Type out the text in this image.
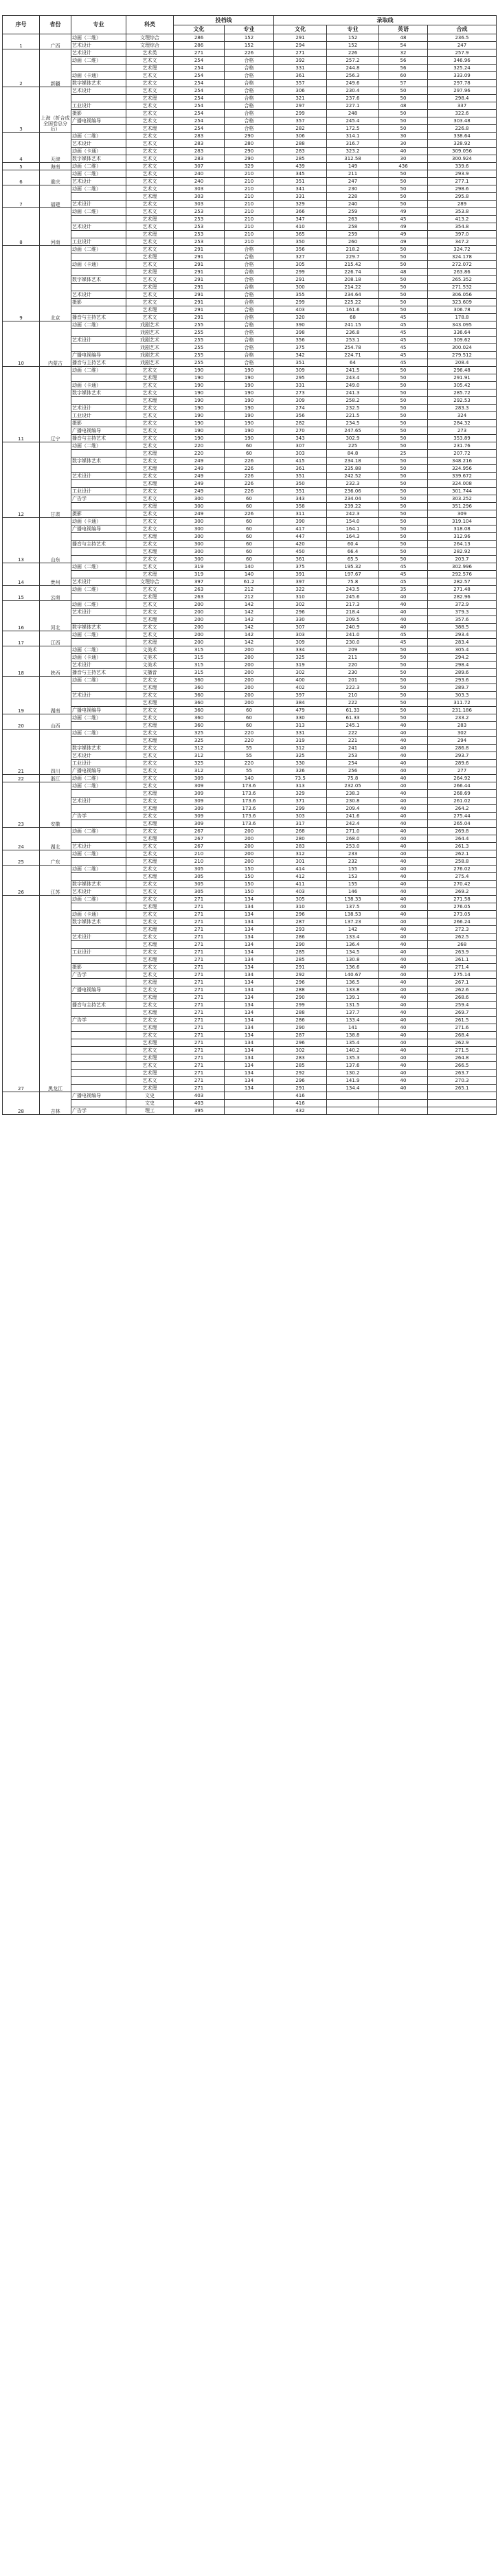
序号	省份	专业	科类	投档线		录取线			
				文化	专业	文化	专业	英语	合成
1	广西	动画（二维）	文理综合	286	152	291	152	48	236.5
		艺术设计	文理综合	286	152	294	152	54	247
2	新疆	艺术设计	艺术类	271	226	271	226	32	257.9
		动画（二维）	艺术文	254	合格	392	257.2	56	346.96
			艺术理	254	合格	331	244.8	56	325.24
		动画（卡通）	艺术文	254	合格	361	256.3	60	333.09
		数字媒体艺术	艺术文	254	合格	357	249.6	57	297.78
3	上海（折合成全国卷总分后）	艺术设计	艺术文	254	合格	306	230.4	50	297.96
			艺术理	254	合格	321	237.6	50	298.4
		工业设计	艺术文	254	合格	297	227.1	48	337
		摄影	艺术文	254	合格	299	248	50	322.6
		广播电视编导	艺术文	254	合格	357	245.4	50	303.48
			艺术理	254	合格	282	172.5	50	226.8
4	天津	动画（二维）	艺术文	283	290	306	314.1	30	338.64
		艺术设计	艺术文	283	280	288	316.7	30	328.92
		动画（卡通）	艺术文	283	290	283	323.2	40	309.056
		数字媒体艺术	艺术文	283	290	285	312.58	30	300.924
5	海南	动画（二维）	艺术文	307	329	439	149	436	339.6
6	重庆	动画（二维）	艺术文	240	210	345	211	50	293.9
		艺术设计	艺术文	240	210	351	247	50	277.1
7	福建	动画（二维）	艺术文	303	210	341	230	50	298.6
			艺术理	303	210	331	228	50	295.8
		艺术设计	艺术文	303	210	329	240	50	289
8	河南	动画（二维）	艺术文	253	210	366	259	49	353.8
			艺术理	253	210	347	263	45	413.2
		艺术设计	艺术文	253	210	410	258	49	354.8
			艺术理	253	210	365	259	49	397.0
		工业设计	艺术文	253	210	350	260	49	347.2
9	北京	动画（二维）	艺术文	291	合格	356	218.2	50	324.72
			艺术理	291	合格	327	229.7	50	324.178
		动画（卡通）	艺术文	291	合格	305	215.42	50	272.072
			艺术理	291	合格	299	226.74	48	263.86
		数字媒体艺术	艺术文	291	合格	291	208.18	50	265.352
			艺术理	291	合格	300	214.22	50	271.532
		艺术设计	艺术文	291	合格	355	234.64	50	306.056
		摄影	艺术文	291	合格	299	225.22	50	323.609
			艺术理	291	合格	403	161.6	50	306.78
		播音与主持艺术	艺术文	291	合格	320	68	45	178.8
10	内蒙古	动画（二维）	戏剧艺术	255	合格	390	241.15	45	343.095
			戏剧艺术	255	合格	398	236.8	45	336.64
		艺术设计	戏剧艺术	255	合格	356	253.1	45	309.62
			戏剧艺术	255	合格	375	254.78	45	300.024
		广播电视编导	戏剧艺术	255	合格	342	224.71	45	279.512
		播音与主持艺术	戏剧艺术	255	合格	351	64	45	208.4
11	辽宁	动画（二维）	艺术文	190	190	309	241.5	50	296.48
			艺术理	190	190	295	243.4	50	291.91
		动画（卡通）	艺术文	190	190	331	249.0	50	305.42
		数字媒体艺术	艺术文	190	190	273	241.3	50	285.72
			艺术理	190	190	309	258.2	50	292.53
		艺术设计	艺术文	190	190	274	232.5	50	283.3
		工业设计	艺术文	190	190	356	221.5	50	324
		摄影	艺术文	190	190	282	234.5	50	284.32
		广播电视编导	艺术文	190	190	270	247.65	50	273
		播音与主持艺术	艺术文	190	190	343	302.9	50	353.89
12	甘肃	动画（二维）	艺术文	220	60	307	225	50	231.76
			艺术理	220	60	303	84.8	25	207.72
		数字媒体艺术	艺术文	249	226	415	234.18	50	348.216
			艺术理	249	226	361	235.88	50	324.956
		艺术设计	艺术文	249	226	351	242.52	50	339.672
			艺术理	249	226	350	232.3	50	324.008
		工业设计	艺术文	249	226	351	236.06	50	301.744
		广告学	艺术文	300	60	343	234.04	50	303.252
			艺术理	300	60	358	239.22	50	351.296
		摄影	艺术文	249	226	311	242.3	50	309
13	山东	动画（卡通）	艺术文	300	60	390	154.0	50	319.104
		广播电视编导	艺术文	300	60	417	164.1	50	318.08
			艺术理	300	60	447	164.3	50	312.96
		播音与主持艺术	艺术文	300	60	420	60.4	50	264.13
			艺术理	300	60	450	66.4	50	282.92
			艺术文	300	60	361	65.5	50	203.7
14	贵州	动画（二维）	艺术文	319	140	375	195.32	45	302.996
			艺术理	319	140	391	197.67	45	292.576
		艺术设计	文理综合	397	61.2	397	75.8	45	282.57
15	云南	动画（二维）	艺术文	263	212	322	243.5	35	271.48
			艺术理	263	212	310	245.6	40	282.96
16	河北	动画（二维）	艺术文	200	142	302	217.3	40	372.9
		艺术设计	艺术文	200	142	296	218.4	40	379.3
			艺术理	200	142	330	209.5	40	357.6
		数字媒体艺术	艺术文	200	142	307	240.9	40	388.5
17	江西	动画（二维）	艺术文	200	142	303	241.0	45	293.4
			艺术理	200	142	309	230.0	45	283.4
18	陕西	动画（二维）	文美术	315	200	334	209	50	305.4
		动画（卡通）	文美术	315	200	325	211	50	294.2
		艺术设计	文美术	315	200	319	220	50	298.4
		播音与主持艺术	文播音	315	200	302	230	50	289.6
19	湖南	动画（二维）	艺术文	360	200	400	201	50	293.6
			艺术理	360	200	402	222.3	50	289.7
		艺术设计	艺术文	360	200	397	210	50	303.3
			艺术理	360	200	384	222	50	311.72
		广播电视编导	艺术文	360	60	479	61.33	50	231.186
20	山西	动画（二维）	艺术文	360	60	330	61.33	50	233.2
			艺术理	360	60	313	245.1	40	283
21	四川	动画（二维）	艺术文	325	220	331	222	40	302
			艺术理	325	220	319	221	40	294
		数字媒体艺术	艺术文	312	55	312	241	40	286.8
		艺术设计	艺术文	312	55	325	253	40	293.7
		工业设计	艺术文	325	220	330	254	40	289.6
		广播电视编导	艺术文	312	55	326	256	40	277
22	浙江	动画（二维）	艺术文	309	140	73.5	75.8	40	264.92
23	安徽	动画（二维）	艺术文	309	173.6	313	232.05	40	266.44
			艺术理	309	173.6	329	238.3	40	268.69
		艺术设计	艺术文	309	173.6	371	230.8	40	261.02
			艺术理	309	173.6	299	209.4	40	264.2
		广告学	艺术文	309	173.6	303	241.6	40	275.44
			艺术理	309	173.6	317	242.4	40	265.04
24	湖北	动画（二维）	艺术文	267	200	268	271.0	40	269.8
			艺术理	267	200	280	268.0	40	264.4
		艺术设计	艺术文	267	200	283	253.0	40	261.3
25	广东	动画（二维）	艺术文	210	200	312	233	40	262.1
			艺术理	210	200	301	232	40	258.8
26	江苏	动画（二维）	艺术文	305	150	414	155	40	276.02
			艺术理	305	150	412	153	40	275.4
		数字媒体艺术	艺术文	305	150	411	155	40	270.42
		艺术设计	艺术文	305	150	403	146	40	269.2
27	黑龙江	动画（二维）	艺术文	271	134	305	138.33	40	271.58
			艺术理	271	134	310	137.5	40	276.05
		动画（卡通）	艺术文	271	134	296	138.53	40	273.05
		数字媒体艺术	艺术文	271	134	287	137.23	40	266.24
			艺术理	271	134	293	142	40	272.3
		艺术设计	艺术文	271	134	286	133.4	40	262.5
			艺术理	271	134	290	136.4	40	268
		工业设计	艺术文	271	134	285	134.5	40	263.9
			艺术理	271	134	285	130.8	40	261.1
		摄影	艺术文	271	134	291	136.6	40	271.4
		广告学	艺术文	271	134	292	140.67	40	275.14
			艺术理	271	134	296	136.5	40	267.1
		广播电视编导	艺术文	271	134	288	133.8	40	262.6
			艺术理	271	134	290	139.1	40	268.6
		播音与主持艺术	艺术文	271	134	299	131.5	40	259.4
			艺术理	271	134	288	137.7	40	269.7
		广告学	艺术文	271	134	286	133.4	40	261.5
			艺术理	271	134	290	141	40	271.6
			艺术文	271	134	287	138.8	40	268.4
			艺术理	271	134	296	135.4	40	262.9
			艺术文	271	134	302	140.2	40	271.5
			艺术理	271	134	283	135.3	40	264.8
			艺术文	271	134	285	137.6	40	266.5
			艺术理	271	134	292	130.2	40	263.7
			艺术文	271	134	296	141.9	40	270.3
			艺术理	271	134	291	134.4	40	265.1
28	吉林	广播电视编导	文史	403		416			
			文史	403		416			
		广告学	理工	395		432			
